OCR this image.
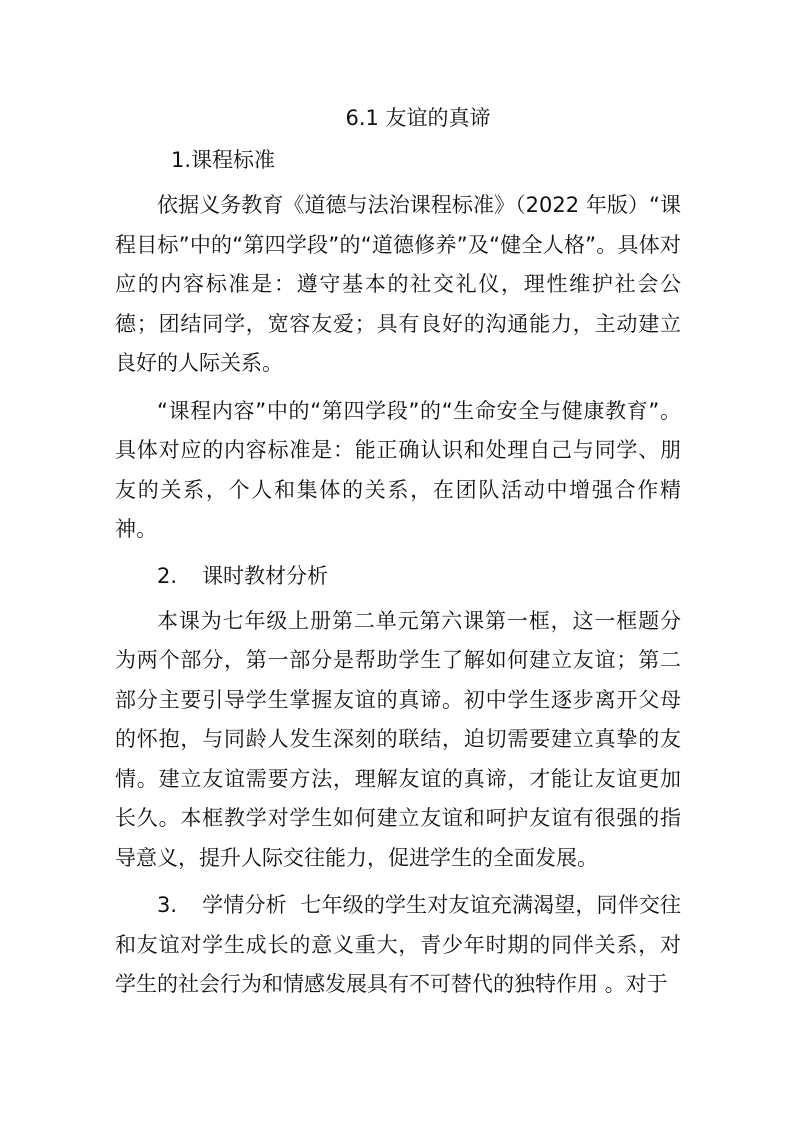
6.1 友谊的真谛
1.课程标准

依据义务教育《道德与法治课程标准》（2022 年版）“课程目标”中的“第四学段”的“道德修养”及“健全人格”。具体对应的内容标准是：遵守基本的社交礼仪，理性维护社会公德；团结同学，宽容友爱；具有良好的沟通能力，主动建立良好的人际关系。

“课程内容”中的“第四学段”的“生命安全与健康教育”。具体对应的内容标准是：能正确认识和处理自己与同学、朋友的关系，个人和集体的关系，在团队活动中增强合作精神。

2. 课时教材分析

本课为七年级上册第二单元第六课第一框，这一框题分为两个部分，第一部分是帮助学生了解如何建立友谊；第二部分主要引导学生掌握友谊的真谛。初中学生逐步离开父母的怀抱，与同龄人发生深刻的联结，迫切需要建立真挚的友情。建立友谊需要方法，理解友谊的真谛，才能让友谊更加长久。本框教学对学生如何建立友谊和呵护友谊有很强的指导意义，提升人际交往能力，促进学生的全面发展。

3. 学情分析 七年级的学生对友谊充满渴望，同伴交往和友谊对学生成长的意义重大，青少年时期的同伴关系，对学生的社会行为和情感发展具有不可替代的独特作用 。对于
